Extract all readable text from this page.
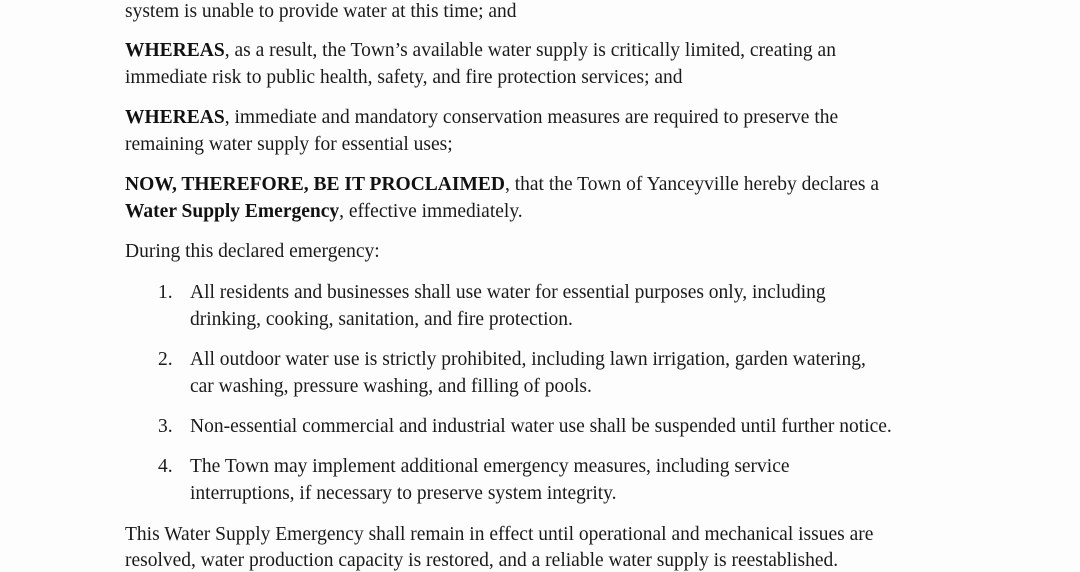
system is unable to provide water at this time; and
WHEREAS, as a result, the Town’s available water supply is critically limited, creating an
immediate risk to public health, safety, and fire protection services; and
WHEREAS, immediate and mandatory conservation measures are required to preserve the
remaining water supply for essential uses;
NOW, THEREFORE, BE IT PROCLAIMED, that the Town of Yanceyville hereby declares a
Water Supply Emergency, effective immediately.
During this declared emergency:
1. All residents and businesses shall use water for essential purposes only, including
drinking, cooking, sanitation, and fire protection.
2. All outdoor water use is strictly prohibited, including lawn irrigation, garden watering,
car washing, pressure washing, and filling of pools.
3. Non-essential commercial and industrial water use shall be suspended until further notice.
4. The Town may implement additional emergency measures, including service
interruptions, if necessary to preserve system integrity.
This Water Supply Emergency shall remain in effect until operational and mechanical issues are
resolved, water production capacity is restored, and a reliable water supply is reestablished.
